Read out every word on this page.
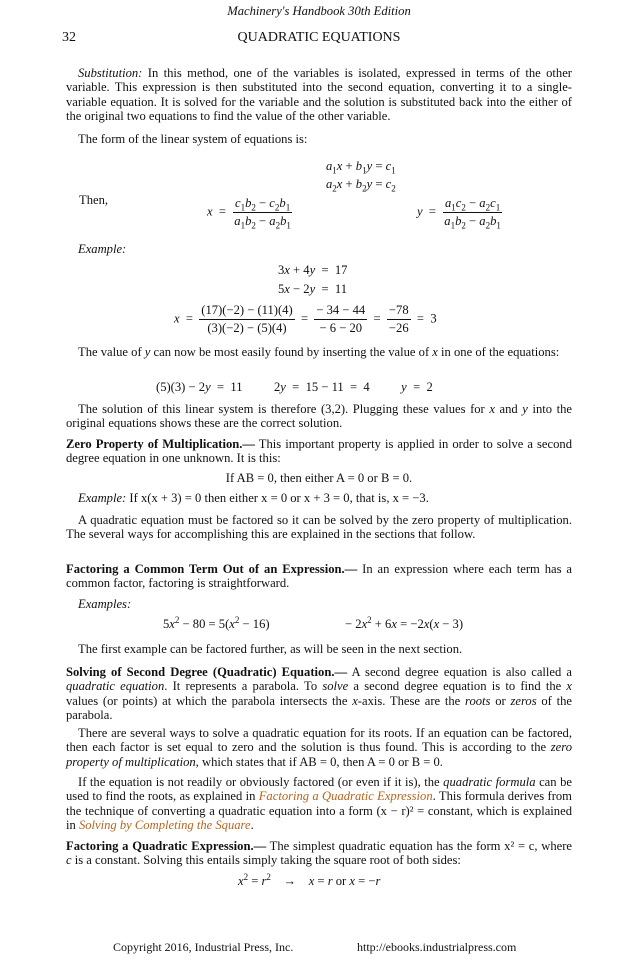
Machinery's Handbook 30th Edition
32	QUADRATIC EQUATIONS
Substitution: In this method, one of the variables is isolated, expressed in terms of the other variable. This expression is then substituted into the second equation, converting it to a single-variable equation. It is solved for the variable and the solution is substituted back into the either of the original two equations to find the value of the other variable.
The form of the linear system of equations is:
$a_1x + b_1y = c_1$
$a_2x + b_2y = c_2$
Then,
$x = \frac{c_1b_2 - c_2b_1}{a_1b_2 - a_2b_1}$	$y = \frac{a_1c_2 - a_2c_1}{a_1b_2 - a_2b_1}$
Example:
3x + 4y  =  17
5x − 2y  =  11
$x = \frac{(17)(-2) - (11)(4)}{(3)(-2) - (5)(4)} = \frac{- 34 - 44}{- 6 - 20} = \frac{-78}{-26} = 3$
The value of y can now be most easily found by inserting the value of x in one of the equations:
(5)(3) − 2y  =  11          2y  =  15 − 11  =  4          y  =  2
The solution of this linear system is therefore (3,2). Plugging these values for x and y into the original equations shows these are the correct solution.
Zero Property of Multiplication.— This important property is applied in order to solve a second degree equation in one unknown. It is this:
If AB = 0, then either A = 0 or B = 0.
Example: If x(x + 3) = 0 then either x = 0 or x + 3 = 0, that is, x = −3.
A quadratic equation must be factored so it can be solved by the zero property of multiplication. The several ways for accomplishing this are explained in the sections that follow.
Factoring a Common Term Out of an Expression.— In an expression where each term has a common factor, factoring is straightforward.
Examples:
$5x^2 - 80 = 5(x^2 - 16)$	− $2x^2 + 6x = -2x(x - 3)$
The first example can be factored further, as will be seen in the next section.
Solving of Second Degree (Quadratic) Equation.— A second degree equation is also called a quadratic equation. It represents a parabola. To solve a second degree equation is to find the x values (or points) at which the parabola intersects the x-axis. These are the roots or zeros of the parabola.
There are several ways to solve a quadratic equation for its roots. If an equation can be factored, then each factor is set equal to zero and the solution is thus found. This is according to the zero property of multiplication, which states that if AB = 0, then A = 0 or B = 0.
If the equation is not readily or obviously factored (or even if it is), the quadratic formula can be used to find the roots, as explained in Factoring a Quadratic Expression. This formula derives from the technique of converting a quadratic equation into a form (x − r)² = constant, which is explained in Solving by Completing the Square.
Factoring a Quadratic Expression.— The simplest quadratic equation has the form x² = c, where c is a constant. Solving this entails simply taking the square root of both sides:
$x^2 = r^2$    →    x = r or x = −r
Copyright 2016, Industrial Press, Inc.	http://ebooks.industrialpress.com
